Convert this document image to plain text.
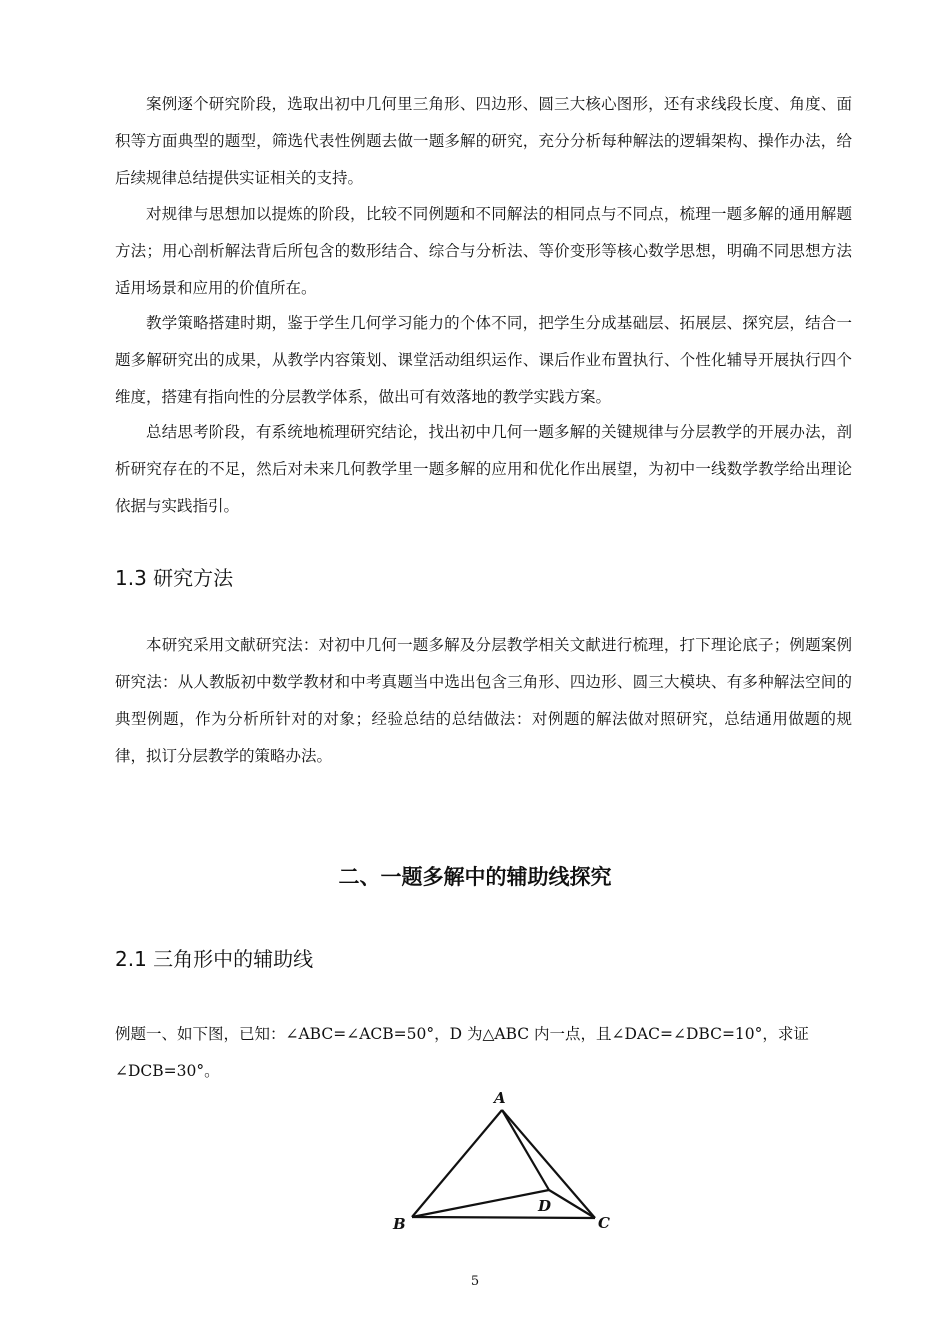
案例逐个研究阶段，选取出初中几何里三角形、四边形、圆三大核心图形，还有求线段长度、角度、面积等方面典型的题型，筛选代表性例题去做一题多解的研究，充分分析每种解法的逻辑架构、操作办法，给后续规律总结提供实证相关的支持。

对规律与思想加以提炼的阶段，比较不同例题和不同解法的相同点与不同点，梳理一题多解的通用解题方法；用心剖析解法背后所包含的数形结合、综合与分析法、等价变形等核心数学思想，明确不同思想方法适用场景和应用的价值所在。

教学策略搭建时期，鉴于学生几何学习能力的个体不同，把学生分成基础层、拓展层、探究层，结合一题多解研究出的成果，从教学内容策划、课堂活动组织运作、课后作业布置执行、个性化辅导开展执行四个维度，搭建有指向性的分层教学体系，做出可有效落地的教学实践方案。

总结思考阶段，有系统地梳理研究结论，找出初中几何一题多解的关键规律与分层教学的开展办法，剖析研究存在的不足，然后对未来几何教学里一题多解的应用和优化作出展望，为初中一线数学教学给出理论依据与实践指引。

1.3 研究方法

本研究采用文献研究法：对初中几何一题多解及分层教学相关文献进行梳理，打下理论底子；例题案例研究法：从人教版初中数学教材和中考真题当中选出包含三角形、四边形、圆三大模块、有多种解法空间的典型例题，作为分析所针对的对象；经验总结的总结做法：对例题的解法做对照研究，总结通用做题的规律，拟订分层教学的策略办法。

二、一题多解中的辅助线探究
2.1 三角形中的辅助线

例题一、如下图，已知：∠ABC=∠ACB=50°，D 为△ABC 内一点，且∠DAC=∠DBC=10°，求证

∠DCB=30°。

A
B	C
D
5
